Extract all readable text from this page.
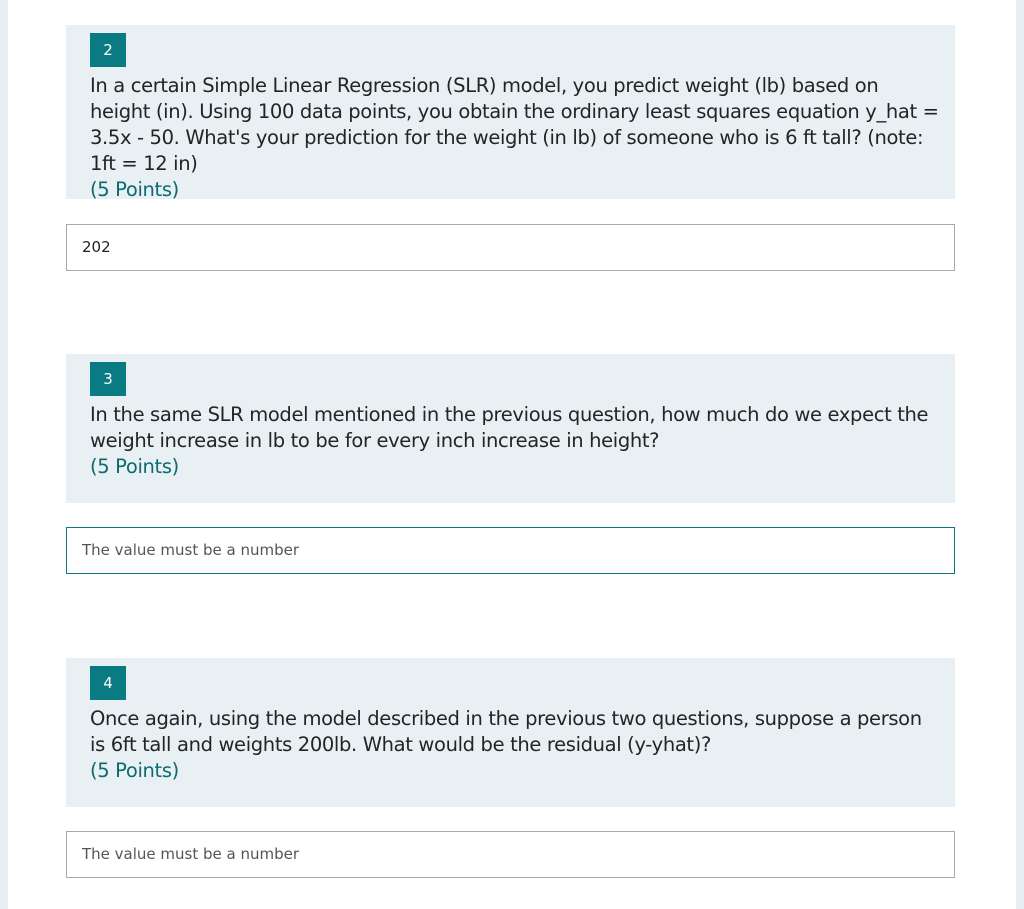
2
In a certain Simple Linear Regression (SLR) model, you predict weight (lb) based on height (in). Using 100 data points, you obtain the ordinary least squares equation y_hat = 3.5x - 50. What's your prediction for the weight (in lb) of someone who is 6 ft tall? (note: 1ft = 12 in)
(5 Points)
202
3
In the same SLR model mentioned in the previous question, how much do we expect the weight increase in lb to be for every inch increase in height?
(5 Points)
The value must be a number
4
Once again, using the model described in the previous two questions, suppose a person is 6ft tall and weights 200lb. What would be the residual (y-yhat)?
(5 Points)
The value must be a number
